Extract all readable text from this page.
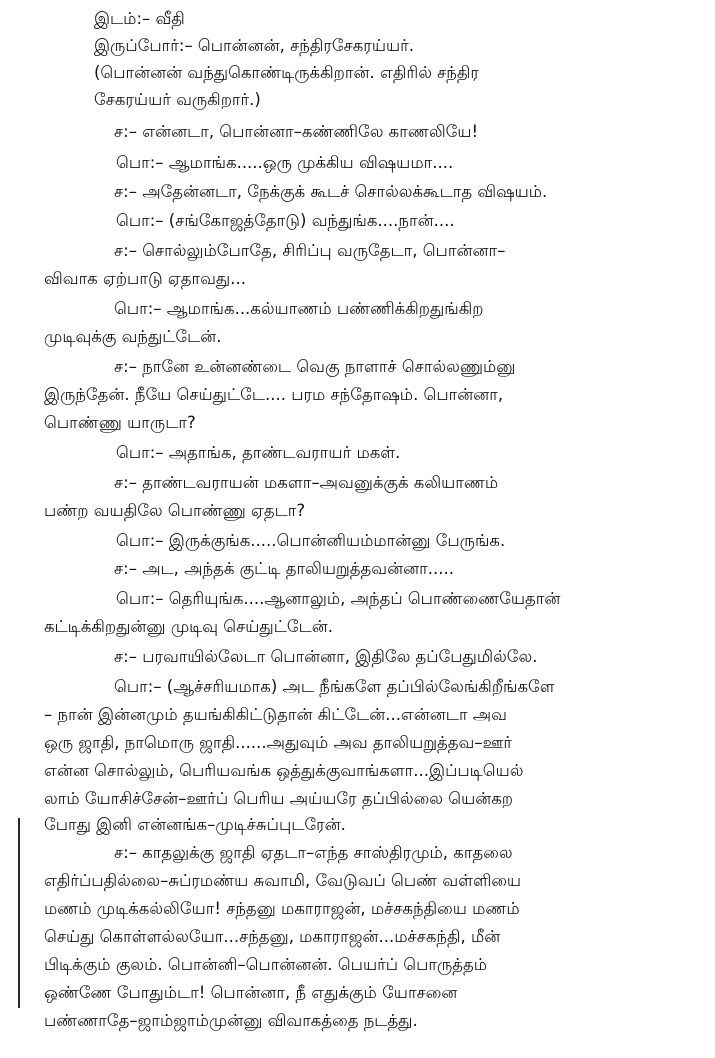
இடம்:– வீதி
இருப்போர்:– பொன்னன், சந்திரசேகரய்யர்.
(பொன்னன் வந்துகொண்டிருக்கிறான். எதிரில் சந்திர
சேகரய்யர் வருகிறார்.)
ச:– என்னடா, பொன்னா–கண்ணிலே காணலியே!
பொ:– ஆமாங்க.....ஒரு முக்கிய விஷயமா....
ச:– அதேன்னடா, நேக்குக் கூடச் சொல்லக்கூடாத விஷயம்.
பொ:– (சங்கோஜத்தோடு) வந்துங்க....நான்....
ச:– சொல்லும்போதே, சிரிப்பு வருதேடா, பொன்னா–
விவாக ஏற்பாடு ஏதாவது...
பொ:– ஆமாங்க...கல்யாணம் பண்ணிக்கிறதுங்கிற
முடிவுக்கு வந்துட்டேன்.
ச:– நானே உன்னண்டை வெகு நாளாச் சொல்லணும்னு
இருந்தேன். நீயே செய்துட்டே.... பரம சந்தோஷம். பொன்னா,
பொண்ணு யாருடா?
பொ:– அதாங்க, தாண்டவராயர் மகள்.
ச:– தாண்டவராயன் மகளா–அவனுக்குக் கலியாணம்
பண்ற வயதிலே பொண்ணு ஏதடா?
பொ:– இருக்குங்க.....பொன்னியம்மான்னு பேருங்க.
ச:– அட, அந்தக் குட்டி தாலியறுத்தவன்னா.....
பொ:– தெரியுங்க....ஆனாலும், அந்தப் பொண்ணையேதான்
கட்டிக்கிறதுன்னு முடிவு செய்துட்டேன்.
ச:– பரவாயில்லேடா பொன்னா, இதிலே தப்பேதுமில்லே.
பொ:– (ஆச்சரியமாக) அட நீங்களே தப்பில்லேங்கிறீங்களே
– நான் இன்னமும் தயங்கிகிட்டுதான் கிட்டேன்...என்னடா அவ
ஒரு ஜாதி, நாமொரு ஜாதி......அதுவும் அவ தாலியறுத்தவ–ஊர்
என்ன சொல்லும், பெரியவங்க ஒத்துக்குவாங்களா...இப்படியெல்
லாம் யோசிச்சேன்–ஊர்ப் பெரிய அய்யரே தப்பில்லை யென்கற
போது இனி என்னங்க–முடிச்சுப்புடரேன்.
ச:– காதலுக்கு ஜாதி ஏதடா–எந்த சாஸ்திரமும், காதலை
எதிர்ப்பதில்லை–சுப்ரமண்ய சுவாமி, வேடுவப் பெண் வள்ளியை
மணம் முடிக்கல்லியோ! சந்தனு மகாராஜன், மச்சகந்தியை மணம்
செய்து கொள்ளல்லயோ...சந்தனு, மகாராஜன்...மச்சகந்தி, மீன்
பிடிக்கும் குலம். பொன்னி–பொன்னன். பெயர்ப் பொருத்தம்
ஒண்ணே போதும்டா! பொன்னா, நீ எதுக்கும் யோசனை
பண்ணாதே–ஜாம்ஜாம்முன்னு விவாகத்தை நடத்து.
